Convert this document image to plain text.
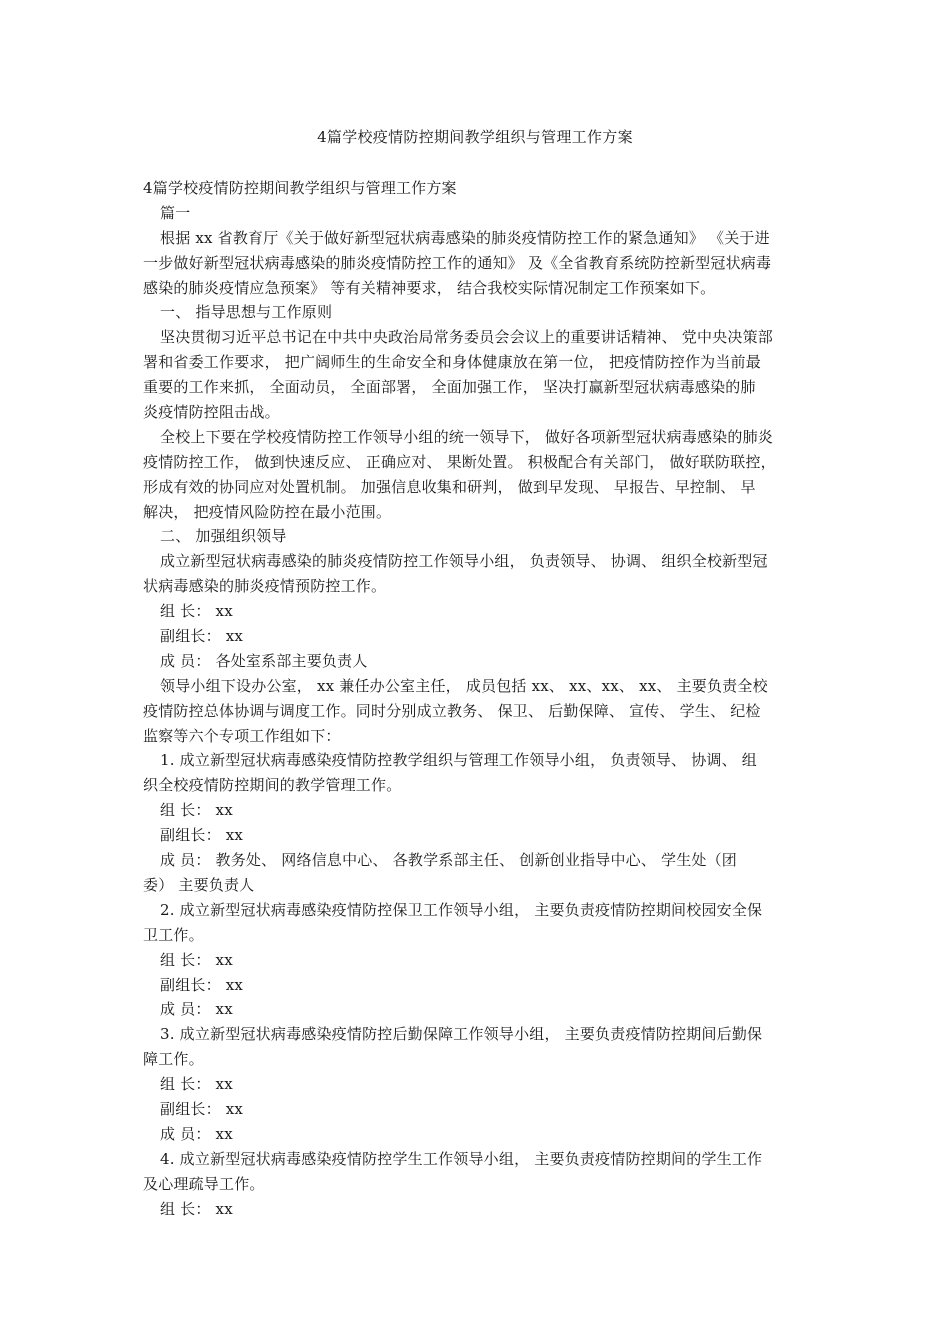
4篇学校疫情防控期间教学组织与管理工作方案
4篇学校疫情防控期间教学组织与管理工作方案
篇一
根据 xx 省教育厅《关于做好新型冠状病毒感染的肺炎疫情防控工作的紧急通知》 《关于进
一步做好新型冠状病毒感染的肺炎疫情防控工作的通知》 及《全省教育系统防控新型冠状病毒
感染的肺炎疫情应急预案》 等有关精神要求， 结合我校实际情况制定工作预案如下。
一、 指导思想与工作原则
坚决贯彻习近平总书记在中共中央政治局常务委员会会议上的重要讲话精神、 党中央决策部
署和省委工作要求， 把广阔师生的生命安全和身体健康放在第一位， 把疫情防控作为当前最
重要的工作来抓， 全面动员， 全面部署， 全面加强工作， 坚决打赢新型冠状病毒感染的肺
炎疫情防控阻击战。
全校上下要在学校疫情防控工作领导小组的统一领导下， 做好各项新型冠状病毒感染的肺炎
疫情防控工作， 做到快速反应、 正确应对、 果断处置。 积极配合有关部门， 做好联防联控，
形成有效的协同应对处置机制。 加强信息收集和研判， 做到早发现、 早报告、早控制、 早
解决， 把疫情风险防控在最小范围。
二、 加强组织领导
成立新型冠状病毒感染的肺炎疫情防控工作领导小组， 负责领导、 协调、 组织全校新型冠
状病毒感染的肺炎疫情预防控工作。
组 长： xx
副组长： xx
成 员： 各处室系部主要负责人
领导小组下设办公室， xx 兼任办公室主任， 成员包括 xx、 xx、xx、 xx、 主要负责全校
疫情防控总体协调与调度工作。同时分别成立教务、 保卫、 后勤保障、 宣传、 学生、 纪检
监察等六个专项工作组如下：
1. 成立新型冠状病毒感染疫情防控教学组织与管理工作领导小组， 负责领导、 协调、 组
织全校疫情防控期间的教学管理工作。
组 长： xx
副组长： xx
成 员： 教务处、 网络信息中心、 各教学系部主任、 创新创业指导中心、 学生处（团
委） 主要负责人
2. 成立新型冠状病毒感染疫情防控保卫工作领导小组， 主要负责疫情防控期间校园安全保
卫工作。
组 长： xx
副组长： xx
成 员： xx
3. 成立新型冠状病毒感染疫情防控后勤保障工作领导小组， 主要负责疫情防控期间后勤保
障工作。
组 长： xx
副组长： xx
成 员： xx
4. 成立新型冠状病毒感染疫情防控学生工作领导小组， 主要负责疫情防控期间的学生工作
及心理疏导工作。
组 长： xx
